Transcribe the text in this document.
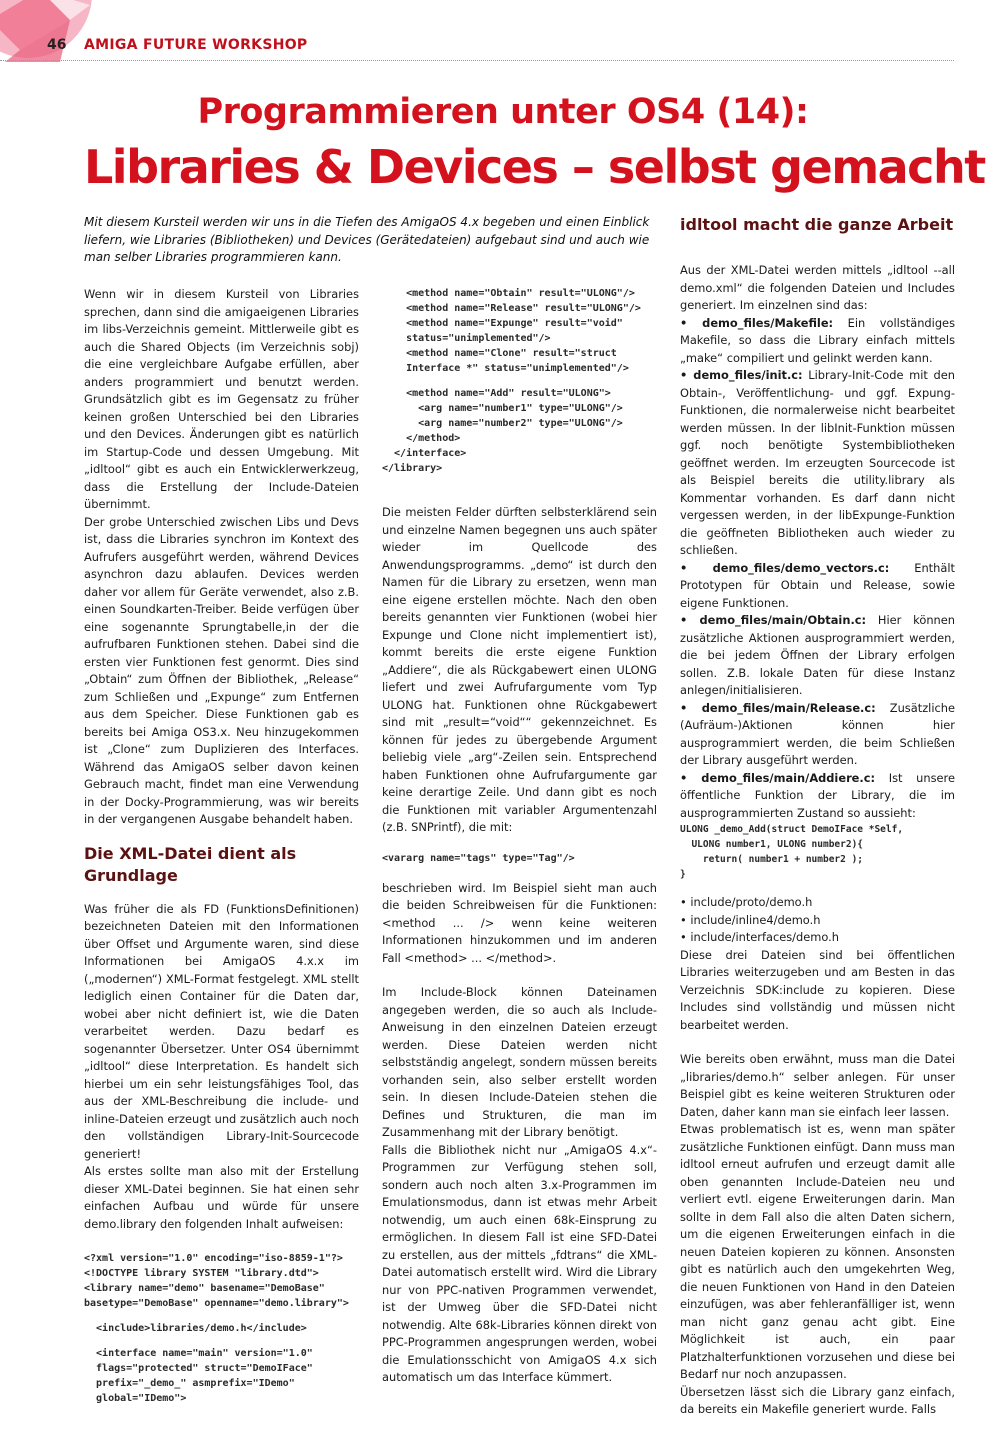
46 AMIGA FUTURE WORKSHOP
Programmieren unter OS4 (14):
Libraries & Devices – selbst gemacht

Mit diesem Kursteil werden wir uns in die Tiefen des AmigaOS 4.x begeben und einen Einblick liefern, wie Libraries (Bibliotheken) und Devices (Gerätedateien) aufgebaut sind und auch wie man selber Libraries programmieren kann.

Wenn wir in diesem Kursteil von Libraries sprechen, dann sind die amigaeigenen Libraries im libs-Verzeichnis gemeint. Mittlerweile gibt es auch die Shared Objects (im Verzeichnis sobj) die eine vergleichbare Aufgabe erfüllen, aber anders programmiert und benutzt werden. Grundsätzlich gibt es im Gegensatz zu früher keinen großen Unterschied bei den Libraries und den Devices. Änderungen gibt es natürlich im Startup-Code und dessen Umgebung. Mit „idltool“ gibt es auch ein Entwicklerwerkzeug, dass die Erstellung der Include-Dateien übernimmt.

Der grobe Unterschied zwischen Libs und Devs ist, dass die Libraries synchron im Kontext des Aufrufers ausgeführt werden, während Devices asynchron dazu ablaufen. Devices werden daher vor allem für Geräte verwendet, also z.B. einen Soundkarten-Treiber. Beide verfügen über eine sogenannte Sprungtabelle,in der die aufrufbaren Funktionen stehen. Dabei sind die ersten vier Funktionen fest genormt. Dies sind „Obtain“ zum Öffnen der Bibliothek, „Release“ zum Schließen und „Expunge“ zum Entfernen aus dem Speicher. Diese Funktionen gab es bereits bei Amiga OS3.x. Neu hinzugekommen ist „Clone“ zum Duplizieren des Interfaces. Während das AmigaOS selber davon keinen Gebrauch macht, findet man eine Verwendung in der Docky-Programmierung, was wir bereits in der vergangenen Ausgabe behandelt haben.

Die XML-Datei dient als Grundlage

Was früher die als FD (FunktionsDefinitionen) bezeichneten Dateien mit den Informationen über Offset und Argumente waren, sind diese Informationen bei AmigaOS 4.x.x im („modernen“) XML-Format festgelegt. XML stellt lediglich einen Container für die Daten dar, wobei aber nicht definiert ist, wie die Daten verarbeitet werden. Dazu bedarf es sogenannter Übersetzer. Unter OS4 übernimmt „idltool“ diese Interpretation. Es handelt sich hierbei um ein sehr leistungsfähiges Tool, das aus der XML-Beschreibung die include- und inline-Dateien erzeugt und zusätzlich auch noch den vollständigen Library-Init-Sourcecode generiert!

Als erstes sollte man also mit der Erstellung dieser XML-Datei beginnen. Sie hat einen sehr einfachen Aufbau und würde für unsere demo.library den folgenden Inhalt aufweisen:

<?xml version="1.0" encoding="iso-8859-1"?>
<!DOCTYPE library SYSTEM "library.dtd">
<library name="demo" basename="DemoBase"
basetype="DemoBase" openname="demo.library">
<include>libraries/demo.h</include>
<interface name="main" version="1.0"
flags="protected" struct="DemoIFace"
prefix="_demo_" asmprefix="IDemo"
global="IDemo">
<method name="Obtain" result="ULONG"/>
<method name="Release" result="ULONG"/>
<method name="Expunge" result="void"
status="unimplemented"/>
<method name="Clone" result="struct
Interface *" status="unimplemented"/>
<method name="Add" result="ULONG">
<arg name="number1" type="ULONG"/>
<arg name="number2" type="ULONG"/>
</method>
</interface>
</library>

Die meisten Felder dürften selbsterklärend sein und einzelne Namen begegnen uns auch später wieder im Quellcode des Anwendungsprogramms. „demo“ ist durch den Namen für die Library zu ersetzen, wenn man eine eigene erstellen möchte. Nach den oben bereits genannten vier Funktionen (wobei hier Expunge und Clone nicht implementiert ist), kommt bereits die erste eigene Funktion „Addiere“, die als Rückgabewert einen ULONG liefert und zwei Aufrufargumente vom Typ ULONG hat. Funktionen ohne Rückgabewert sind mit „result=“void““ gekennzeichnet. Es können für jedes zu übergebende Argument beliebig viele „arg“-Zeilen sein. Entsprechend haben Funktionen ohne Aufrufargumente gar keine derartige Zeile. Und dann gibt es noch die Funktionen mit variabler Argumentenzahl (z.B. SNPrintf), die mit:

<vararg name="tags" type="Tag"/>

beschrieben wird. Im Beispiel sieht man auch die beiden Schreibweisen für die Funktionen: <method ... /> wenn keine weiteren Informationen hinzukommen und im anderen Fall <method> ... </method>.

Im Include-Block können Dateinamen angegeben werden, die so auch als Include-Anweisung in den einzelnen Dateien erzeugt werden. Diese Dateien werden nicht selbstständig angelegt, sondern müssen bereits vorhanden sein, also selber erstellt worden sein. In diesen Include-Dateien stehen die Defines und Strukturen, die man im Zusammenhang mit der Library benötigt.

Falls die Bibliothek nicht nur „AmigaOS 4.x“-Programmen zur Verfügung stehen soll, sondern auch noch alten 3.x-Programmen im Emulationsmodus, dann ist etwas mehr Arbeit notwendig, um auch einen 68k-Einsprung zu ermöglichen. In diesem Fall ist eine SFD-Datei zu erstellen, aus der mittels „fdtrans“ die XML-Datei automatisch erstellt wird. Wird die Library nur von PPC-nativen Programmen verwendet, ist der Umweg über die SFD-Datei nicht notwendig. Alte 68k-Libraries können direkt von PPC-Programmen angesprungen werden, wobei die Emulationsschicht von AmigaOS 4.x sich automatisch um das Interface kümmert.

idltool macht die ganze Arbeit

Aus der XML-Datei werden mittels „idltool --all demo.xml“ die folgenden Dateien und Includes generiert. Im einzelnen sind das:

• demo_files/Makefile: Ein vollständiges Makefile, so dass die Library einfach mittels „make“ compiliert und gelinkt werden kann.

• demo_files/init.c: Library-Init-Code mit den Obtain-, Veröffentlichung- und ggf. Expung-Funktionen, die normalerweise nicht bearbeitet werden müssen. In der libInit-Funktion müssen ggf. noch benötigte Systembibliotheken geöffnet werden. Im erzeugten Sourcecode ist als Beispiel bereits die utility.library als Kommentar vorhanden. Es darf dann nicht vergessen werden, in der libExpunge-Funktion die geöffneten Bibliotheken auch wieder zu schließen.

• demo_files/demo_vectors.c: Enthält Prototypen für Obtain und Release, sowie eigene Funktionen.

• demo_files/main/Obtain.c: Hier können zusätzliche Aktionen ausprogrammiert werden, die bei jedem Öffnen der Library erfolgen sollen. Z.B. lokale Daten für diese Instanz anlegen/initialisieren.

• demo_files/main/Release.c: Zusätzliche (Aufräum-)Aktionen können hier ausprogrammiert werden, die beim Schließen der Library ausgeführt werden.

• demo_files/main/Addiere.c: Ist unsere öffentliche Funktion der Library, die im ausprogrammierten Zustand so aussieht:

ULONG _demo_Add(struct DemoIFace *Self,
ULONG number1, ULONG number2){
return( number1 + number2 );
}

• include/proto/demo.h

• include/inline4/demo.h

• include/interfaces/demo.h

Diese drei Dateien sind bei öffentlichen Libraries weiterzugeben und am Besten in das Verzeichnis SDK:include zu kopieren. Diese Includes sind vollständig und müssen nicht bearbeitet werden.

Wie bereits oben erwähnt, muss man die Datei „libraries/demo.h“ selber anlegen. Für unser Beispiel gibt es keine weiteren Strukturen oder Daten, daher kann man sie einfach leer lassen.

Etwas problematisch ist es, wenn man später zusätzliche Funktionen einfügt. Dann muss man idltool erneut aufrufen und erzeugt damit alle oben genannten Include-Dateien neu und verliert evtl. eigene Erweiterungen darin. Man sollte in dem Fall also die alten Daten sichern, um die eigenen Erweiterungen einfach in die neuen Dateien kopieren zu können. Ansonsten gibt es natürlich auch den umgekehrten Weg, die neuen Funktionen von Hand in den Dateien einzufügen, was aber fehleranfälliger ist, wenn man nicht ganz genau acht gibt. Eine Möglichkeit ist auch, ein paar Platzhalterfunktionen vorzusehen und diese bei Bedarf nur noch anzupassen.

Übersetzen lässt sich die Library ganz einfach, da bereits ein Makefile generiert wurde. Falls
